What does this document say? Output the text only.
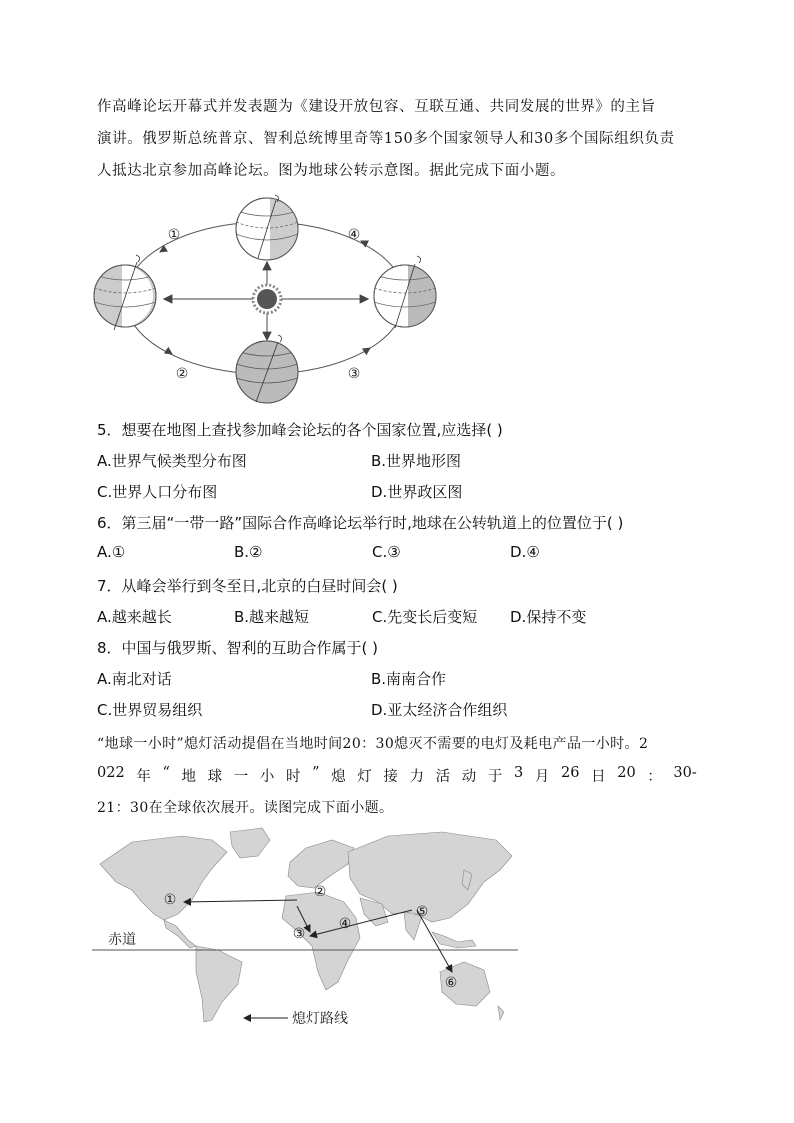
作高峰论坛开幕式并发表题为《建设开放包容、互联互通、共同发展的世界》的主旨
演讲。俄罗斯总统普京、智利总统博里奇等150多个国家领导人和30多个国际组织负责
人抵达北京参加高峰论坛。图为地球公转示意图。据此完成下面小题。
①
②	③
④
5．想要在地图上查找参加峰会论坛的各个国家位置,应选择( )
A.世界气候类型分布图	B.世界地形图
C.世界人口分布图	D.世界政区图
6．第三届“一带一路”国际合作高峰论坛举行时,地球在公转轨道上的位置位于( )
A.①	B.②	C.③	D.④
7．从峰会举行到冬至日,北京的白昼时间会( )
A.越来越长	B.越来越短	C.先变长后变短 D.保持不变
8．中国与俄罗斯、智利的互助合作属于( )
A.南北对话	B.南南合作
C.世界贸易组织	D.亚太经济合作组织
“地球一小时”熄灯活动提倡在当地时间20：30熄灭不需要的电灯及耗电产品一小时。2
022 年 “ 地 球 一 小 时 ” 熄 灯 接 力 活 动 于 3 月 26 日 20 ： 30-
21：30在全球依次展开。读图完成下面小题。
赤道
①	②
③
④
⑤
⑥
熄灯路线
